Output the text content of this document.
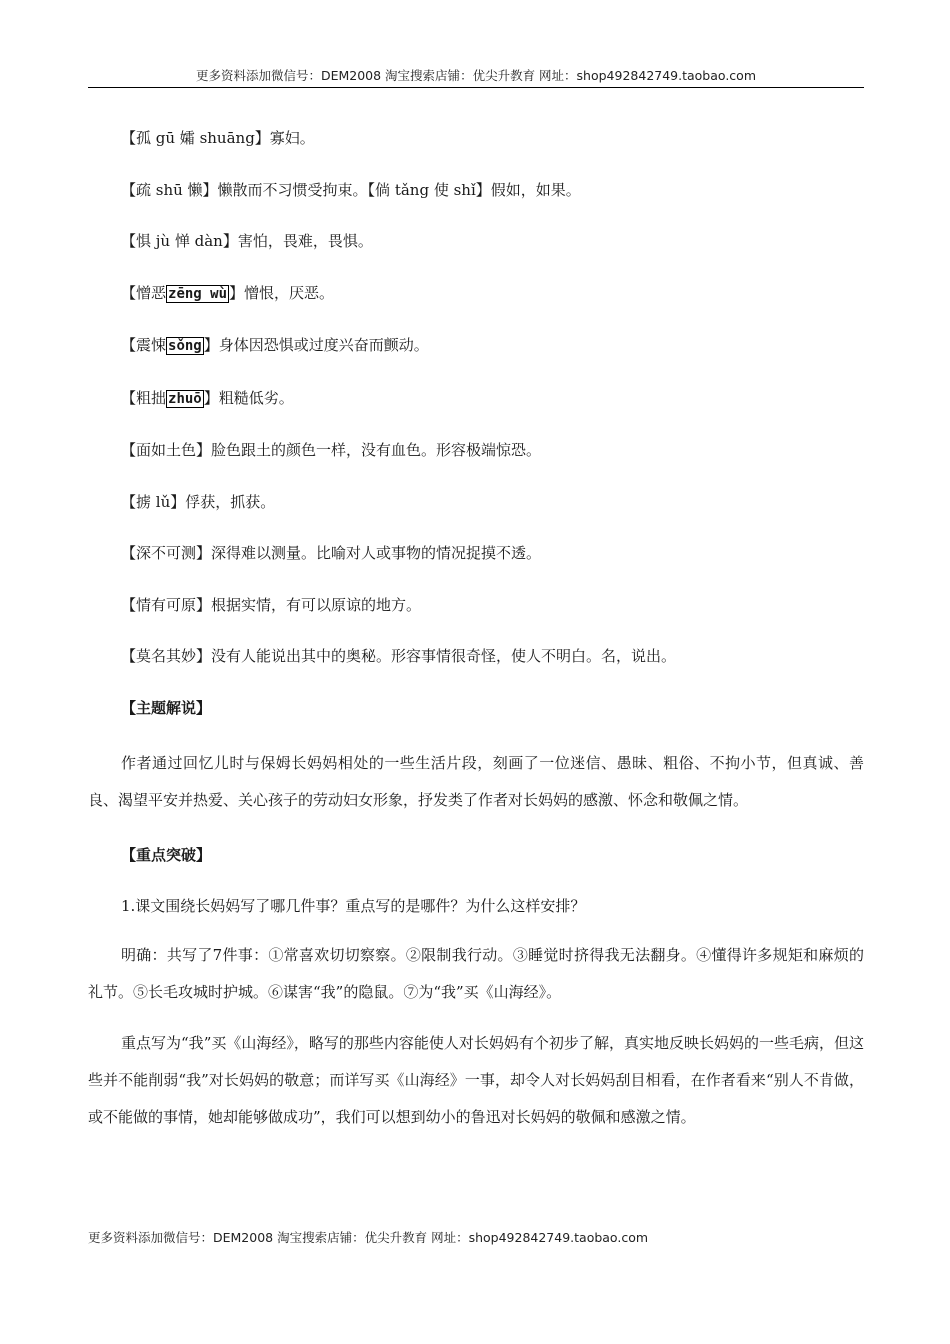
更多资料添加微信号：DEM2008 淘宝搜索店铺：优尖升教育 网址：shop492842749.taobao.com

【孤 gū 孀 shuāng】寡妇。

【疏 shū 懒】懒散而不习惯受拘束。【倘 tǎng 使 shǐ】假如，如果。

【惧 jù 惮 dàn】害怕，畏难，畏惧。

【憎恶 zēng wù 】憎恨，厌恶。

【震悚 sǒng 】身体因恐惧或过度兴奋而颤动。

【粗拙 zhuō 】粗糙低劣。

【面如土色】脸色跟土的颜色一样，没有血色。形容极端惊恐。

【掳 lǔ】俘获，抓获。

【深不可测】深得难以测量。比喻对人或事物的情况捉摸不透。

【情有可原】根据实情，有可以原谅的地方。

【莫名其妙】没有人能说出其中的奥秘。形容事情很奇怪，使人不明白。名，说出。

【主题解说】

作者通过回忆儿时与保姆长妈妈相处的一些生活片段，刻画了一位迷信、愚昧、粗俗、不拘小节，但真诚、善良、渴望平安并热爱、关心孩子的劳动妇女形象，抒发类了作者对长妈妈的感激、怀念和敬佩之情。

【重点突破】

1.课文围绕长妈妈写了哪几件事？重点写的是哪件？为什么这样安排？

明确：共写了7件事：①常喜欢切切察察。②限制我行动。③睡觉时挤得我无法翻身。④懂得许多规矩和麻烦的礼节。⑤长毛攻城时护城。⑥谋害“我”的隐鼠。⑦为“我”买《山海经》。

重点写为“我”买《山海经》，略写的那些内容能使人对长妈妈有个初步了解，真实地反映长妈妈的一些毛病，但这些并不能削弱“我”对长妈妈的敬意；而详写买《山海经》一事，却令人对长妈妈刮目相看，在作者看来“别人不肯做，或不能做的事情，她却能够做成功”，我们可以想到幼小的鲁迅对长妈妈的敬佩和感激之情。

更多资料添加微信号：DEM2008 淘宝搜索店铺：优尖升教育 网址：shop492842749.taobao.com
